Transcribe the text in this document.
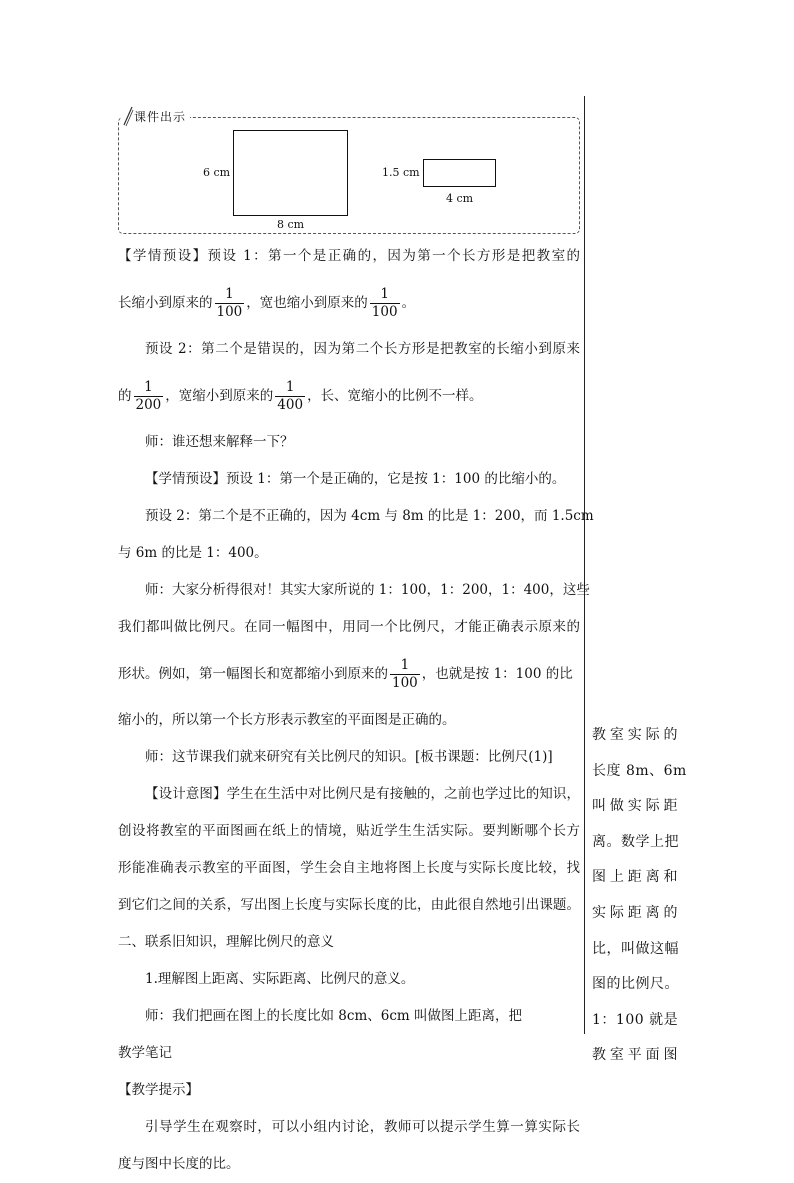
课件出示
6 cm
8 cm
1.5 cm
4 cm
【学情预设】预设 1：第一个是正确的，因为第一个长方形是把教室的
长缩小到原来的 $\frac{1}{100}$ ，宽也缩小到原来的 $\frac{1}{100}$ 。
预设 2：第二个是错误的，因为第二个长方形是把教室的长缩小到原来
的 $\frac{1}{200}$ ，宽缩小到原来的 $\frac{1}{400}$ ，长、宽缩小的比例不一样。
师：谁还想来解释一下？
【学情预设】预设 1：第一个是正确的，它是按 1：100 的比缩小的。
预设 2：第二个是不正确的，因为 4cm 与 8m 的比是 1：200，而 1.5cm
与 6m 的比是 1：400。
师：大家分析得很对！其实大家所说的 1：100，1：200，1：400，这些
我们都叫做比例尺。在同一幅图中，用同一个比例尺，才能正确表示原来的
形状。例如，第一幅图长和宽都缩小到原来的 $\frac{1}{100}$ ，也就是按 1：100 的比
缩小的，所以第一个长方形表示教室的平面图是正确的。
师：这节课我们就来研究有关比例尺的知识。[板书课题：比例尺(1)]
【设计意图】学生在生活中对比例尺是有接触的，之前也学过比的知识，
创设将教室的平面图画在纸上的情境，贴近学生生活实际。要判断哪个长方
形能准确表示教室的平面图，学生会自主地将图上长度与实际长度比较，找
到它们之间的关系，写出图上长度与实际长度的比，由此很自然地引出课题。
二、联系旧知识，理解比例尺的意义
1.理解图上距离、实际距离、比例尺的意义。
师：我们把画在图上的长度比如 8cm、6cm 叫做图上距离，把
教学笔记
【教学提示】
引导学生在观察时，可以小组内讨论，教师可以提示学生算一算实际长
度与图中长度的比。
教室实际的
长度 8m、6m
叫做实际距
离。数学上把
图上距离和
实际距离的
比，叫做这幅
图的比例尺。
1：100 就是
教室平面图
